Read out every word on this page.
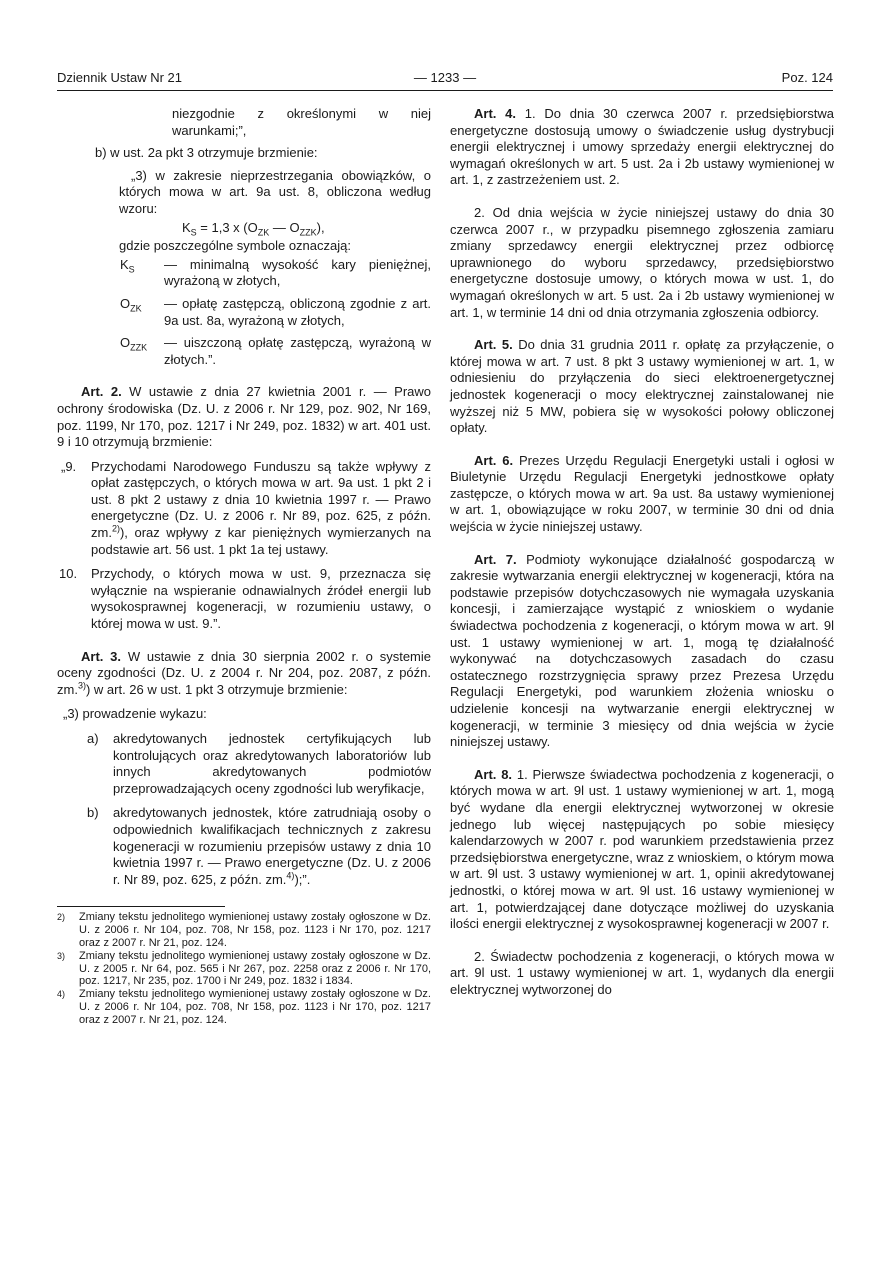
Dziennik Ustaw Nr 21	— 1233 —	Poz. 124

niezgodnie z określonymi w niej warunkami;”,

b) w ust. 2a pkt 3 otrzymuje brzmienie:

„3) w zakresie nieprzestrzegania obowiązków, o których mowa w art. 9a ust. 8, obliczona według wzoru:

$K_S = 1,3$ x ($O_{ZK}$ — $O_{ZZK}$),

gdzie poszczególne symbole oznaczają:

$K_S$	— minimalną wysokość kary pieniężnej, wyrażoną w złotych,
$O_{ZK}$	— opłatę zastępczą, obliczoną zgodnie z art. 9a ust. 8a, wyrażoną w złotych,
$O_{ZZK}$	— uiszczoną opłatę zastępczą, wyrażoną w złotych.”.

Art. 2. W ustawie z dnia 27 kwietnia 2001 r. — Prawo ochrony środowiska (Dz. U. z 2006 r. Nr 129, poz. 902, Nr 169, poz. 1199, Nr 170, poz. 1217 i Nr 249, poz. 1832) w art. 401 ust. 9 i 10 otrzymują brzmienie:

„9.	Przychodami Narodowego Funduszu są także wpływy z opłat zastępczych, o których mowa w art. 9a ust. 1 pkt 2 i ust. 8 pkt 2 ustawy z dnia 10 kwietnia 1997 r. — Prawo energetyczne (Dz. U. z 2006 r. Nr 89, poz. 625, z późn. zm.$^{2)}$), oraz wpływy z kar pieniężnych wymierzanych na podstawie art. 56 ust. 1 pkt 1a tej ustawy.
10.	Przychody, o których mowa w ust. 9, przeznacza się wyłącznie na wspieranie odnawialnych źródeł energii lub wysokosprawnej kogeneracji, w rozumieniu ustawy, o której mowa w ust. 9.”.

Art. 3. W ustawie z dnia 30 sierpnia 2002 r. o systemie oceny zgodności (Dz. U. z 2004 r. Nr 204, poz. 2087, z późn. zm.$^{3)}$) w art. 26 w ust. 1 pkt 3 otrzymuje brzmienie:

„3) prowadzenie wykazu:

a)	akredytowanych jednostek certyfikujących lub kontrolujących oraz akredytowanych laboratoriów lub innych akredytowanych podmiotów przeprowadzających oceny zgodności lub weryfikacje,
b)	akredytowanych jednostek, które zatrudniają osoby o odpowiednich kwalifikacjach technicznych z zakresu kogeneracji w rozumieniu przepisów ustawy z dnia 10 kwietnia 1997 r. — Prawo energetyczne (Dz. U. z 2006 r. Nr 89, poz. 625, z późn. zm.$^{4)}$);”.
2)	Zmiany tekstu jednolitego wymienionej ustawy zostały ogłoszone w Dz. U. z 2006 r. Nr 104, poz. 708, Nr 158, poz. 1123 i Nr 170, poz. 1217 oraz z 2007 r. Nr 21, poz. 124.
3)	Zmiany tekstu jednolitego wymienionej ustawy zostały ogłoszone w Dz. U. z 2005 r. Nr 64, poz. 565 i Nr 267, poz. 2258 oraz z 2006 r. Nr 170, poz. 1217, Nr 235, poz. 1700 i Nr 249, poz. 1832 i 1834.
4)	Zmiany tekstu jednolitego wymienionej ustawy zostały ogłoszone w Dz. U. z 2006 r. Nr 104, poz. 708, Nr 158, poz. 1123 i Nr 170, poz. 1217 oraz z 2007 r. Nr 21, poz. 124.

Art. 4. 1. Do dnia 30 czerwca 2007 r. przedsiębiorstwa energetyczne dostosują umowy o świadczenie usług dystrybucji energii elektrycznej i umowy sprzedaży energii elektrycznej do wymagań określonych w art. 5 ust. 2a i 2b ustawy wymienionej w art. 1, z zastrzeżeniem ust. 2.

2. Od dnia wejścia w życie niniejszej ustawy do dnia 30 czerwca 2007 r., w przypadku pisemnego zgłoszenia zamiaru zmiany sprzedawcy energii elektrycznej przez odbiorcę uprawnionego do wyboru sprzedawcy, przedsiębiorstwo energetyczne dostosuje umowy, o których mowa w ust. 1, do wymagań określonych w art. 5 ust. 2a i 2b ustawy wymienionej w art. 1, w terminie 14 dni od dnia otrzymania zgłoszenia odbiorcy.

Art. 5. Do dnia 31 grudnia 2011 r. opłatę za przyłączenie, o której mowa w art. 7 ust. 8 pkt 3 ustawy wymienionej w art. 1, w odniesieniu do przyłączenia do sieci elektroenergetycznej jednostek kogeneracji o mocy elektrycznej zainstalowanej nie wyższej niż 5 MW, pobiera się w wysokości połowy obliczonej opłaty.

Art. 6. Prezes Urzędu Regulacji Energetyki ustali i ogłosi w Biuletynie Urzędu Regulacji Energetyki jednostkowe opłaty zastępcze, o których mowa w art. 9a ust. 8a ustawy wymienionej w art. 1, obowiązujące w roku 2007, w terminie 30 dni od dnia wejścia w życie niniejszej ustawy.

Art. 7. Podmioty wykonujące działalność gospodarczą w zakresie wytwarzania energii elektrycznej w kogeneracji, która na podstawie przepisów dotychczasowych nie wymagała uzyskania koncesji, i zamierzające wystąpić z wnioskiem o wydanie świadectwa pochodzenia z kogeneracji, o którym mowa w art. 9l ust. 1 ustawy wymienionej w art. 1, mogą tę działalność wykonywać na dotychczasowych zasadach do czasu ostatecznego rozstrzygnięcia sprawy przez Prezesa Urzędu Regulacji Energetyki, pod warunkiem złożenia wniosku o udzielenie koncesji na wytwarzanie energii elektrycznej w kogeneracji, w terminie 3 miesięcy od dnia wejścia w życie niniejszej ustawy.

Art. 8. 1. Pierwsze świadectwa pochodzenia z kogeneracji, o których mowa w art. 9l ust. 1 ustawy wymienionej w art. 1, mogą być wydane dla energii elektrycznej wytworzonej w okresie jednego lub więcej następujących po sobie miesięcy kalendarzowych w 2007 r. pod warunkiem przedstawienia przez przedsiębiorstwa energetyczne, wraz z wnioskiem, o którym mowa w art. 9l ust. 3 ustawy wymienionej w art. 1, opinii akredytowanej jednostki, o której mowa w art. 9l ust. 16 ustawy wymienionej w art. 1, potwierdzającej dane dotyczące możliwej do uzyskania ilości energii elektrycznej z wysokosprawnej kogeneracji w 2007 r.

2. Świadectw pochodzenia z kogeneracji, o których mowa w art. 9l ust. 1 ustawy wymienionej w art. 1, wydanych dla energii elektrycznej wytworzonej do
